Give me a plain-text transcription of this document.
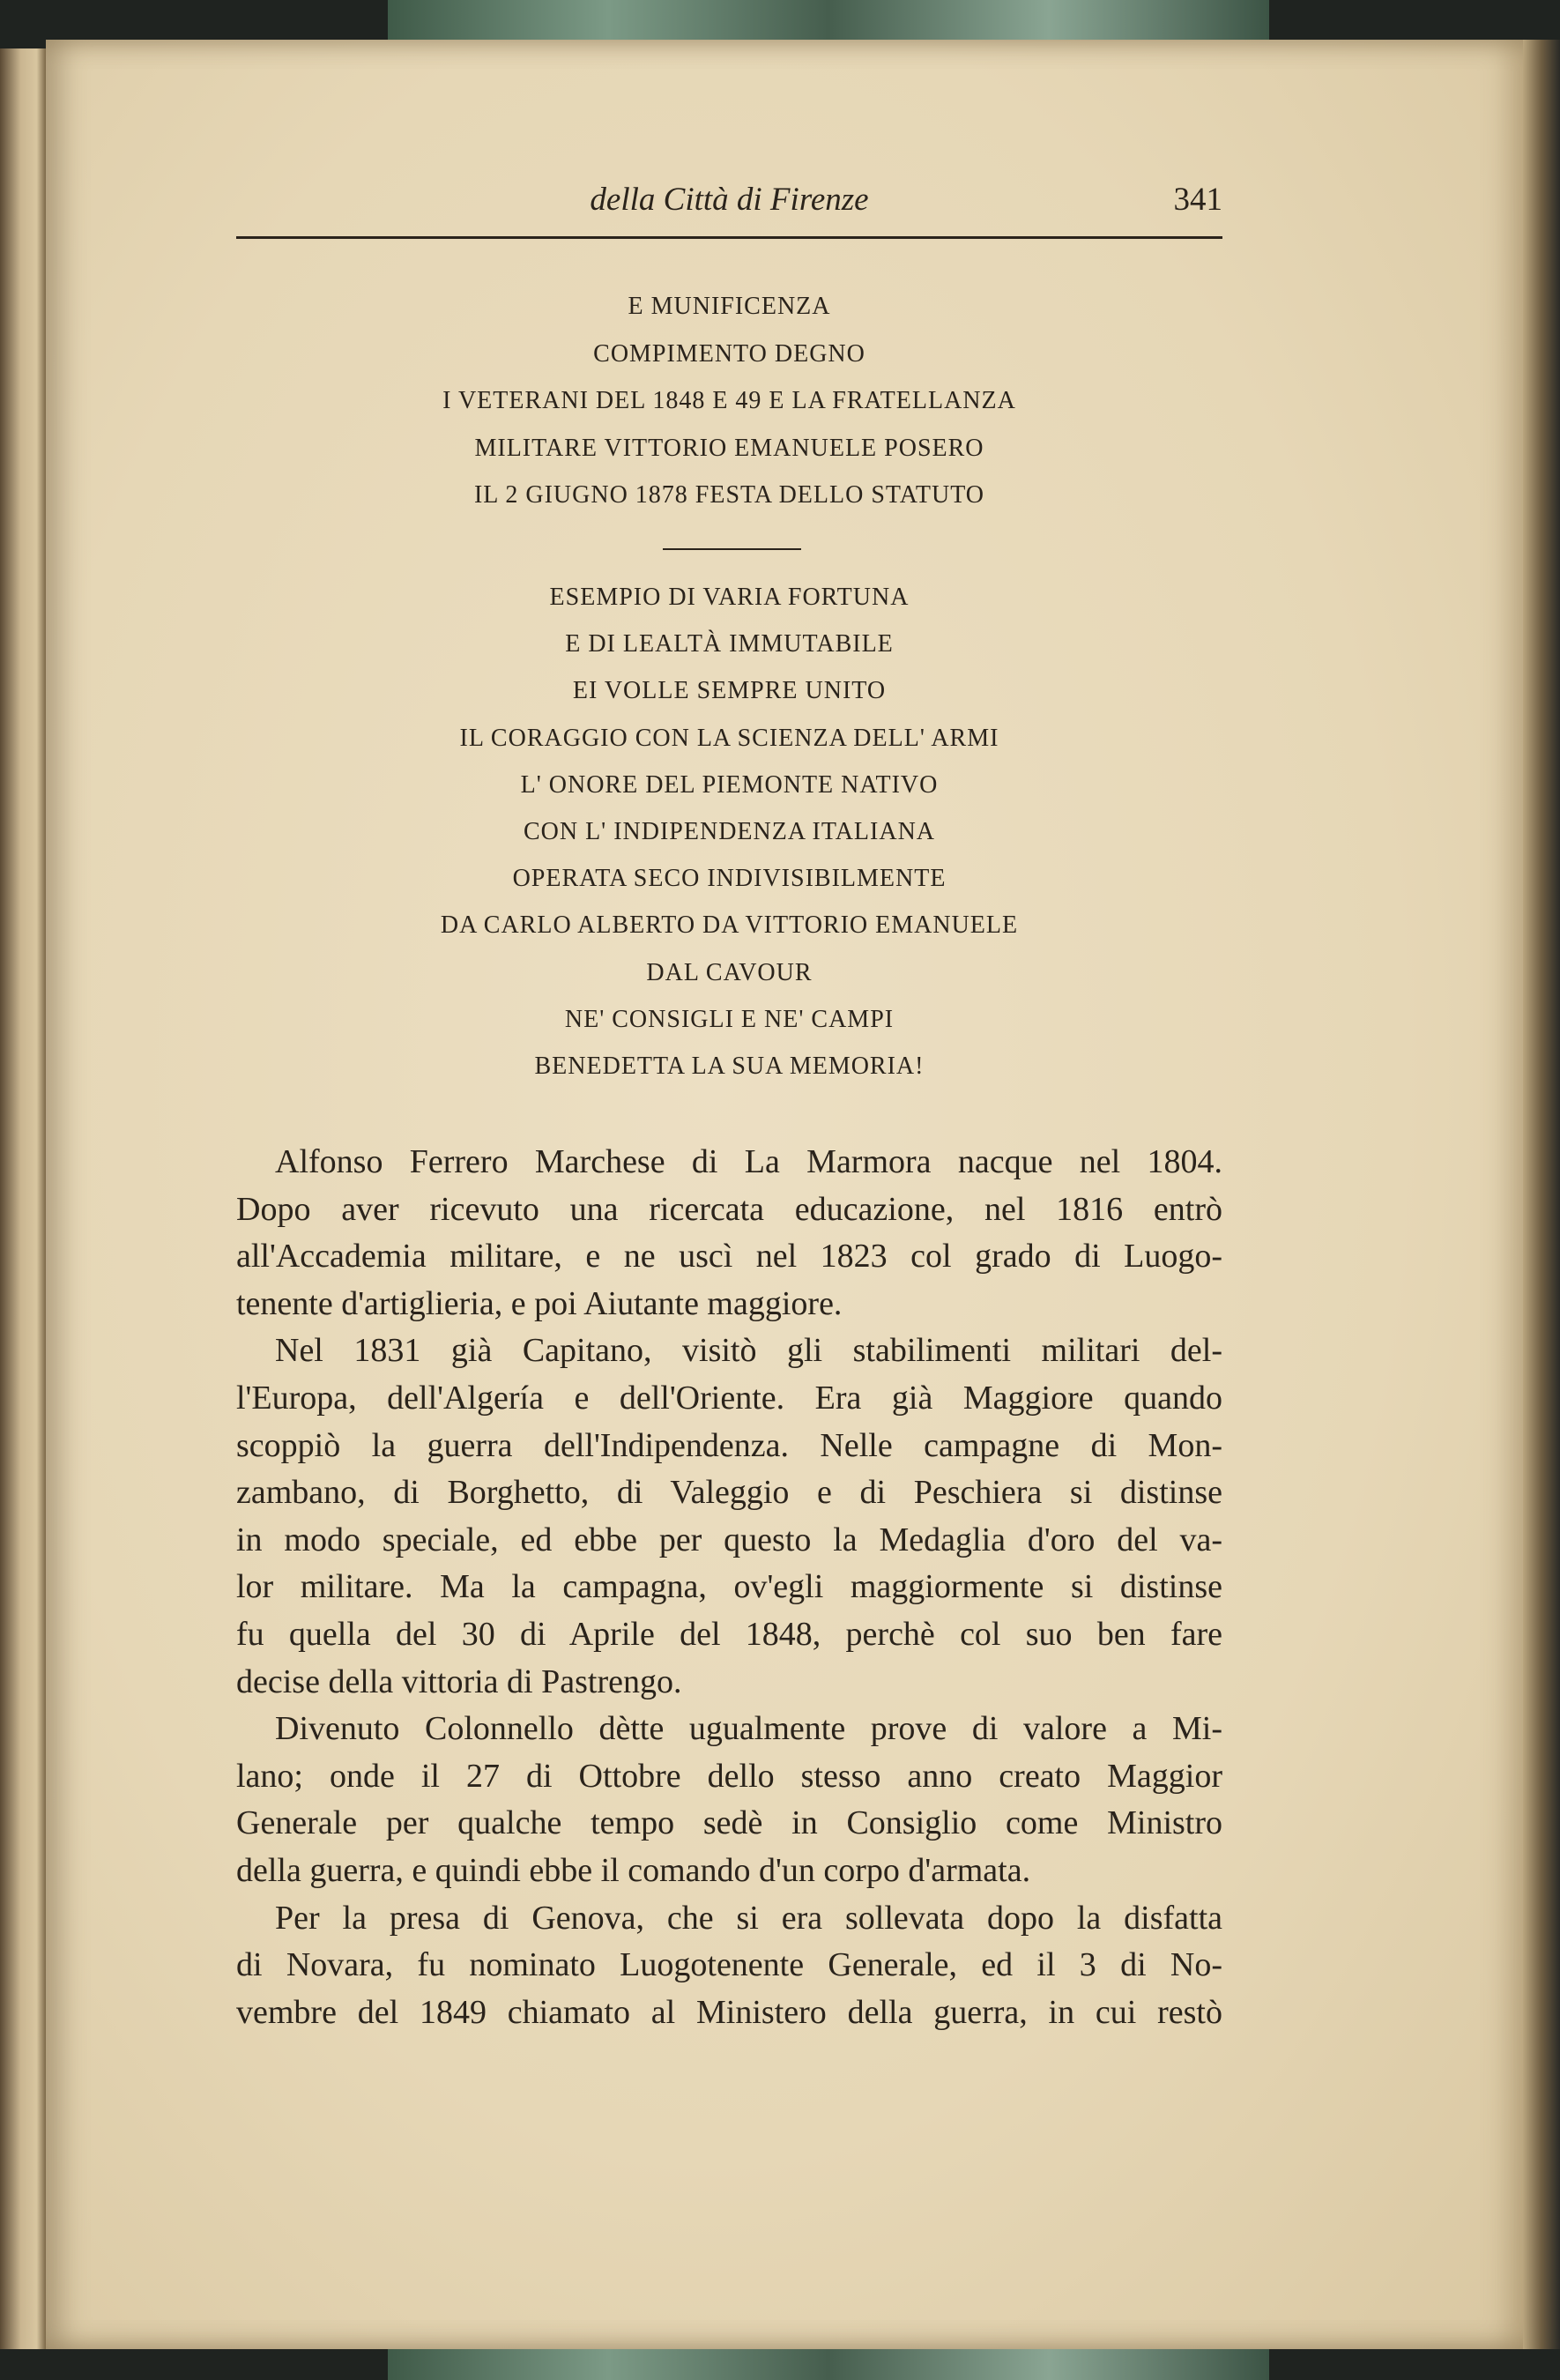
della Città di Firenze	341
E MUNIFICENZA
COMPIMENTO DEGNO
I VETERANI DEL 1848 E 49 E LA FRATELLANZA
MILITARE VITTORIO EMANUELE POSERO
IL 2 GIUGNO 1878 FESTA DELLO STATUTO
ESEMPIO DI VARIA FORTUNA
E DI LEALTÀ IMMUTABILE
EI VOLLE SEMPRE UNITO
IL CORAGGIO CON LA SCIENZA DELL' ARMI
L' ONORE DEL PIEMONTE NATIVO
CON L' INDIPENDENZA ITALIANA
OPERATA SECO INDIVISIBILMENTE
DA CARLO ALBERTO DA VITTORIO EMANUELE
DAL CAVOUR
NE' CONSIGLI E NE' CAMPI
BENEDETTA LA SUA MEMORIA!
Alfonso Ferrero Marchese di La Marmora nacque nel 1804.
Dopo aver ricevuto una ricercata educazione, nel 1816 entrò
all'Accademia militare, e ne uscì nel 1823 col grado di Luogo-
tenente d'artiglieria, e poi Aiutante maggiore.
Nel 1831 già Capitano, visitò gli stabilimenti militari del-
l'Europa, dell'Algería e dell'Oriente. Era già Maggiore quando
scoppiò la guerra dell'Indipendenza. Nelle campagne di Mon-
zambano, di Borghetto, di Valeggio e di Peschiera si distinse
in modo speciale, ed ebbe per questo la Medaglia d'oro del va-
lor militare. Ma la campagna, ov'egli maggiormente si distinse
fu quella del 30 di Aprile del 1848, perchè col suo ben fare
decise della vittoria di Pastrengo.
Divenuto Colonnello dètte ugualmente prove di valore a Mi-
lano; onde il 27 di Ottobre dello stesso anno creato Maggior
Generale per qualche tempo sedè in Consiglio come Ministro
della guerra, e quindi ebbe il comando d'un corpo d'armata.
Per la presa di Genova, che si era sollevata dopo la disfatta
di Novara, fu nominato Luogotenente Generale, ed il 3 di No-
vembre del 1849 chiamato al Ministero della guerra, in cui restò
